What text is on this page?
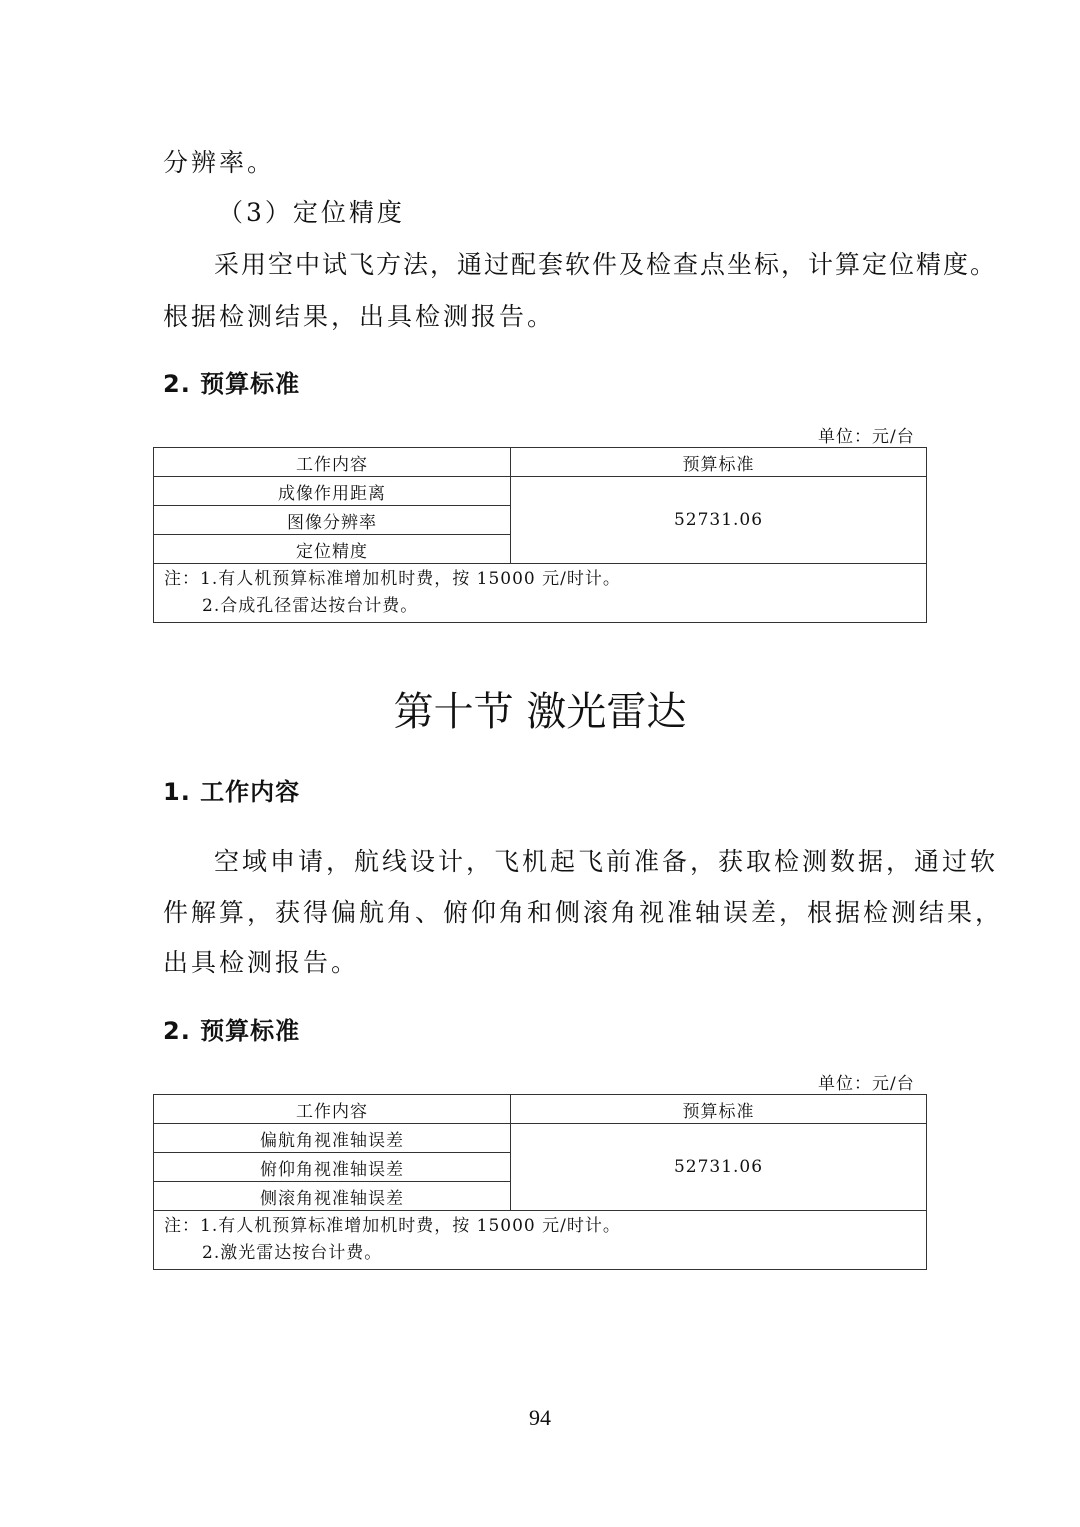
分辨率。
（3）定位精度
采用空中试飞方法，通过配套软件及检查点坐标，计算定位精度。
根据检测结果，出具检测报告。
2. 预算标准
单位：元/台
工作内容	预算标准
成像作用距离	52731.06
图像分辨率	
定位精度	

注：1.有人机预算标准增加机时费，按 15000 元/时计。
2.合成孔径雷达按台计费。	
第十节 激光雷达
1. 工作内容
空域申请，航线设计，飞机起飞前准备，获取检测数据，通过软
件解算，获得偏航角、俯仰角和侧滚角视准轴误差，根据检测结果，
出具检测报告。
2. 预算标准
单位：元/台
工作内容	预算标准
偏航角视准轴误差	52731.06
俯仰角视准轴误差	
侧滚角视准轴误差	

注：1.有人机预算标准增加机时费，按 15000 元/时计。
2.激光雷达按台计费。	
94
